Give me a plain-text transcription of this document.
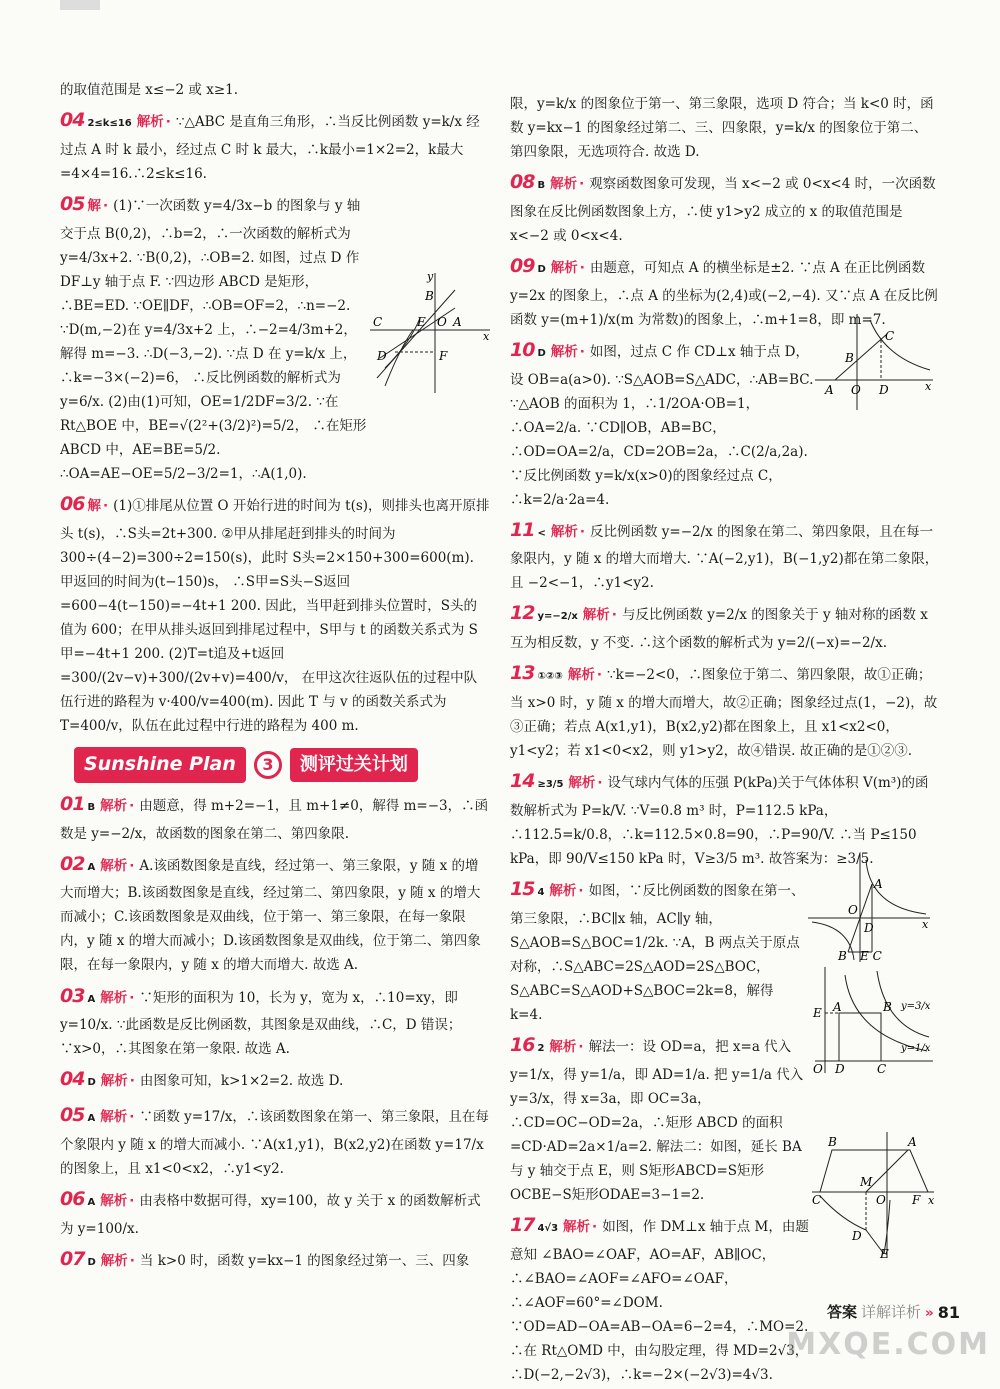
的取值范围是 x≤−2 或 x≥1.
04 2≤k≤16 解析 · ∵△ABC 是直角三角形，∴当反比例函数 y=k/x 经过点 A 时 k 最小，经过点 C 时 k 最大，∴k最小=1×2=2，k最大=4×4=16.∴2≤k≤16.
05 解 · (1)∵一次函数 y=4/3x−b 的图象与 y 轴交于点 B(0,2)，∴b=2，∴一次函数的解析式为 y=4/3x+2. ∵B(0,2)，∴OB=2. 如图，过点 D 作 DF⊥y 轴于点 F. ∵四边形 ABCD 是矩形，∴BE=ED. ∵OE∥DF，∴OB=OF=2，∴n=−2. ∵D(m,−2)在 y=4/3x+2 上，∴−2=4/3m+2，解得 m=−3. ∴D(−3,−2). ∵点 D 在 y=k/x 上，∴k=−3×(−2)=6， ∴反比例函数的解析式为 y=6/x. (2)由(1)可知，OE=1/2DF=3/2. ∵在 Rt△BOE 中，BE=√(2²+(3/2)²)=5/2， ∴在矩形 ABCD 中，AE=BE=5/2. ∴OA=AE−OE=5/2−3/2=1，∴A(1,0).
06 解 · (1)①排尾从位置 O 开始行进的时间为 t(s)，则排头也离开原排头 t(s)，∴S头=2t+300. ②甲从排尾赶到排头的时间为 300÷(4−2)=300÷2=150(s)，此时 S头=2×150+300=600(m). 甲返回的时间为(t−150)s， ∴S甲=S头−S返回=600−4(t−150)=−4t+1 200. 因此，当甲赶到排头位置时，S头的值为 600；在甲从排头返回到排尾过程中，S甲与 t 的函数关系式为 S甲=−4t+1 200. (2)T=t追及+t返回=300/(2v−v)+300/(2v+v)=400/v， 在甲这次往返队伍的过程中队伍行进的路程为 v·400/v=400(m). 因此 T 与 v 的函数关系式为 T=400/v，队伍在此过程中行进的路程为 400 m.
Sunshine Plan	3	测评过关计划
01 B 解析 · 由题意，得 m+2=−1，且 m+1≠0，解得 m=−3，∴函数是 y=−2/x，故函数的图象在第二、第四象限.
02 A 解析 · A.该函数图象是直线，经过第一、第三象限，y 随 x 的增大而增大；B.该函数图象是直线，经过第二、第四象限，y 随 x 的增大而减小；C.该函数图象是双曲线，位于第一、第三象限，在每一象限内，y 随 x 的增大而减小；D.该函数图象是双曲线，位于第二、第四象限，在每一象限内，y 随 x 的增大而增大. 故选 A.
03 A 解析 · ∵矩形的面积为 10，长为 y，宽为 x，∴10=xy，即 y=10/x. ∵此函数是反比例函数，其图象是双曲线，∴C，D 错误；∵x>0，∴其图象在第一象限. 故选 A.
04 D 解析 · 由图象可知，k>1×2=2. 故选 D.
05 A 解析 · ∵函数 y=17/x，∴该函数图象在第一、第三象限，且在每个象限内 y 随 x 的增大而减小. ∵A(x1,y1)，B(x2,y2)在函数 y=17/x 的图象上，且 x1<0<x2，∴y1<y2.
06 A 解析 · 由表格中数据可得，xy=100，故 y 关于 x 的函数解析式为 y=100/x.
07 D 解析 · 当 k>0 时，函数 y=kx−1 的图象经过第一、三、四象
C	E O A
B
D	F
x
y
限，y=k/x 的图象位于第一、第三象限，选项 D 符合；当 k<0 时，函数 y=kx−1 的图象经过第二、三、四象限，y=k/x 的图象位于第二、第四象限，无选项符合. 故选 D.
08 B 解析 · 观察函数图象可发现，当 x<−2 或 0<x<4 时，一次函数图象在反比例函数图象上方，∴使 y1>y2 成立的 x 的取值范围是 x<−2 或 0<x<4.
09 D 解析 · 由题意，可知点 A 的横坐标是±2. ∵点 A 在正比例函数 y=2x 的图象上，∴点 A 的坐标为(2,4)或(−2,−4). 又∵点 A 在反比例函数 y=(m+1)/x(m 为常数)的图象上，∴m+1=8，即 m=7.
10 D 解析 · 如图，过点 C 作 CD⊥x 轴于点 D，设 OB=a(a>0). ∵S△AOB=S△ADC，∴AB=BC. ∵△AOB 的面积为 1，∴1/2OA·OB=1，∴OA=2/a. ∵CD∥OB，AB=BC，∴OD=OA=2/a，CD=2OB=2a，∴C(2/a,2a). ∵反比例函数 y=k/x(x>0)的图象经过点 C，∴k=2/a·2a=4.
11 < 解析 · 反比例函数 y=−2/x 的图象在第二、第四象限，且在每一象限内，y 随 x 的增大而增大. ∵A(−2,y1)，B(−1,y2)都在第二象限，且 −2<−1，∴y1<y2.
12 y=−2/x 解析 · 与反比例函数 y=2/x 的图象关于 y 轴对称的函数 x 互为相反数，y 不变. ∴这个函数的解析式为 y=2/(−x)=−2/x.
13 ①②③ 解析 · ∵k=−2<0，∴图象位于第二、第四象限，故①正确；当 x>0 时，y 随 x 的增大而增大，故②正确；图象经过点(1，−2)，故③正确；若点 A(x1,y1)，B(x2,y2)都在图象上，且 x1<x2<0，y1<y2；若 x1<0<x2，则 y1>y2，故④错误. 故正确的是①②③.
14 ≥3/5 解析 · 设气球内气体的压强 P(kPa)关于气体体积 V(m³)的函数解析式为 P=k/V. ∵V=0.8 m³ 时，P=112.5 kPa，∴112.5=k/0.8，∴k=112.5×0.8=90，∴P=90/V. ∴当 P≤150 kPa，即 90/V≤150 kPa 时，V≥3/5 m³. 故答案为：≥3/5.
15 4 解析 · 如图，∵反比例函数的图象在第一、第三象限，∴BC∥x 轴，AC∥y 轴，S△AOB=S△BOC=1/2k. ∵A，B 两点关于原点对称，∴S△ABC=2S△AOD=2S△BOC，S△ABC=S△AOD+S△BOC=2k=8，解得 k=4.
16 2 解析 · 解法一：设 OD=a，把 x=a 代入 y=1/x，得 y=1/a，即 AD=1/a. 把 y=1/a 代入 y=3/x，得 x=3a，即 OC=3a，∴CD=OC−OD=2a，∴矩形 ABCD 的面积=CD·AD=2a×1/a=2. 解法二：如图，延长 BA 与 y 轴交于点 E，则 S矩形ABCD=S矩形OCBE−S矩形ODAE=3−1=2.
17 4√3 解析 · 如图，作 DM⊥x 轴于点 M，由题意知 ∠BAO=∠OAF，AO=AF，AB∥OC，∴∠BAO=∠AOF=∠AFO=∠OAF，∴∠AOF=60°=∠DOM. ∵OD=AD−OA=AB−OA=6−2=4，∴MO=2. ∴在 Rt△OMD 中，由勾股定理，得 MD=2√3，∴D(−2,−2√3)，∴k=−2×(−2√3)=4√3.
A O D
B
C
x
A
O
D
B E C
x
E A	B
O D	C
y=3/x
y=1/x
B	A
C
M
O F
D
E
x
答案 详解详析 » 81
MXQE.COM
